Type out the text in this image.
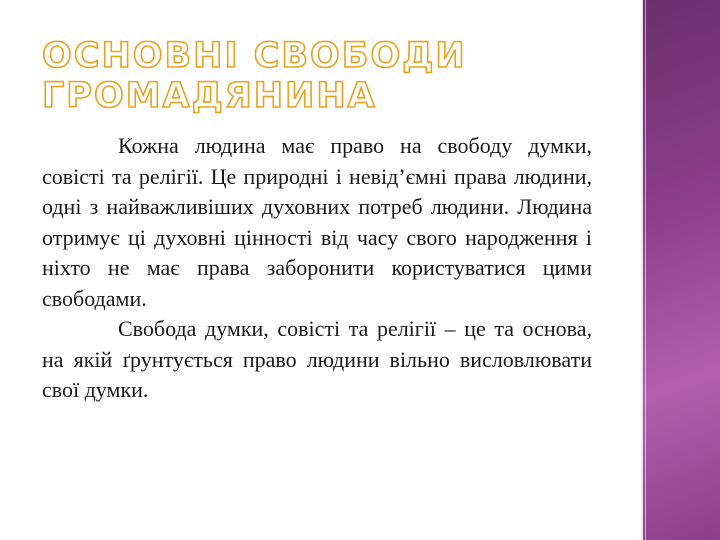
ОСНОВНІ СВОБОДИ
ГРОМАДЯНИНА

Кожна людина має право на свободу думки, совісті та релігії. Це природні і невід’ємні права людини, одні з найважливіших духовних потреб людини. Людина отримує ці духовні цінності від часу свого народження і ніхто не має права заборонити користуватися цими свободами.

Свобода думки, совісті та релігії – це та основа, на якій ґрунтується право людини вільно висловлювати свої думки.
